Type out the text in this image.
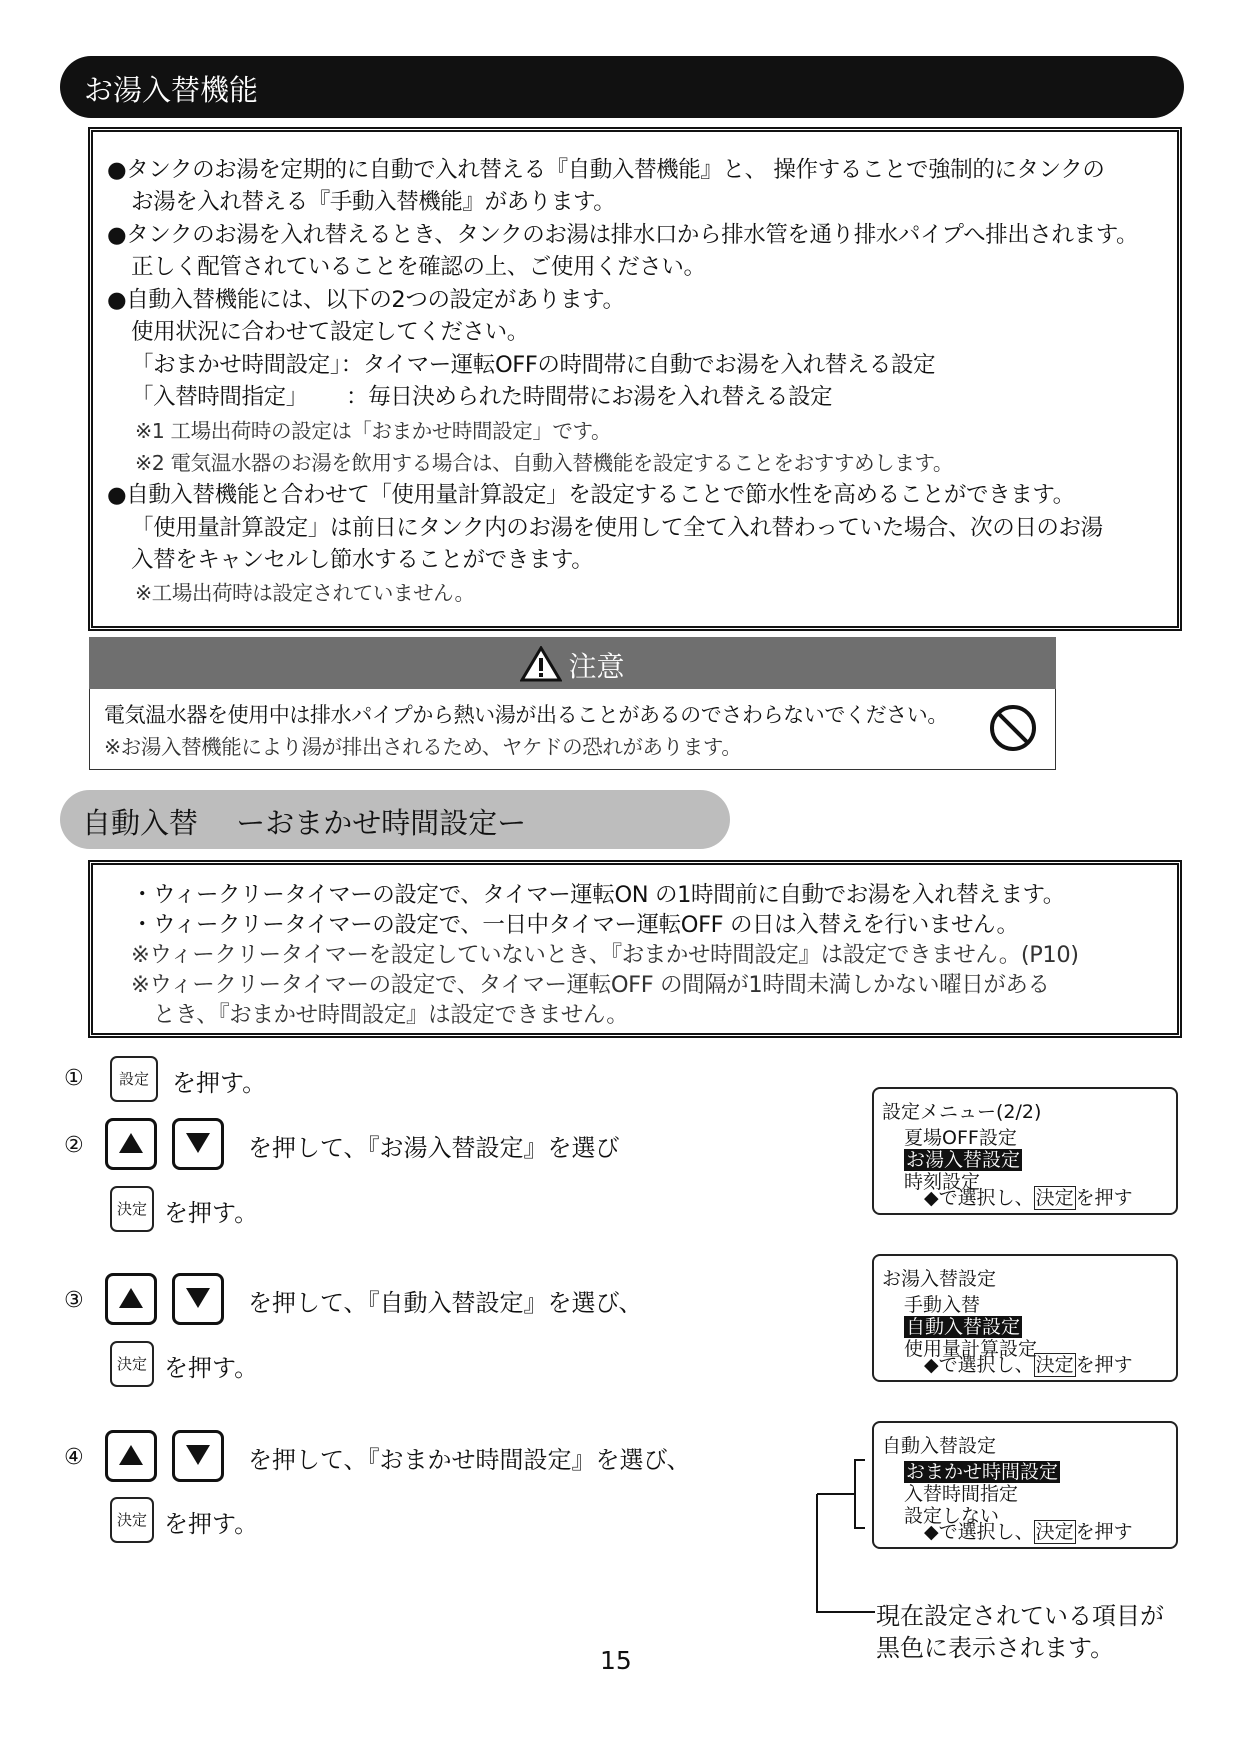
お湯入替機能
●タンクのお湯を定期的に自動で入れ替える『自動入替機能』と、 操作することで強制的にタンクの
お湯を入れ替える『手動入替機能』があります。
●タンクのお湯を入れ替えるとき、タンクのお湯は排水口から排水管を通り排水パイプへ排出されます。
正しく配管されていることを確認の上、ご使用ください。
●自動入替機能には、以下の2つの設定があります。
使用状況に合わせて設定してください。
「おまかせ時間設定」：タイマー運転OFFの時間帯に自動でお湯を入れ替える設定
「入替時間指定」 ：毎日決められた時間帯にお湯を入れ替える設定
※1 工場出荷時の設定は「おまかせ時間設定」です。
※2 電気温水器のお湯を飲用する場合は、自動入替機能を設定することをおすすめします。
●自動入替機能と合わせて「使用量計算設定」を設定することで節水性を高めることができます。
「使用量計算設定」は前日にタンク内のお湯を使用して全て入れ替わっていた場合、次の日のお湯
入替をキャンセルし節水することができます。
※工場出荷時は設定されていません。
注意
電気温水器を使用中は排水パイプから熱い湯が出ることがあるのでさわらないでください。
※お湯入替機能により湯が排出されるため、ヤケドの恐れがあります。
自動入替　 ーおまかせ時間設定ー
・ウィークリータイマーの設定で、タイマー運転ON の1時間前に自動でお湯を入れ替えます。
・ウィークリータイマーの設定で、一日中タイマー運転OFF の日は入替えを行いません。
※ウィークリータイマーを設定していないとき、『おまかせ時間設定』は設定できません。(P10)
※ウィークリータイマーの設定で、タイマー運転OFF の間隔が1時間未満しかない曜日がある
とき、『おまかせ時間設定』は設定できません。
①	設定 を押す。
②	を押して、『お湯入替設定』を選び
決定 を押す。
③	を押して、『自動入替設定』を選び、
決定 を押す。
④	を押して、『おまかせ時間設定』を選び、
決定 を押す。
設定メニュー(2/2)
夏場OFF設定
お湯入替設定
時刻設定
◆で選択し、 決定 を押す
お湯入替設定
手動入替
自動入替設定
使用量計算設定
◆で選択し、 決定 を押す
自動入替設定
おまかせ時間設定
入替時間指定
設定しない
◆で選択し、 決定 を押す
現在設定されている項目が
黒色に表示されます。
15
